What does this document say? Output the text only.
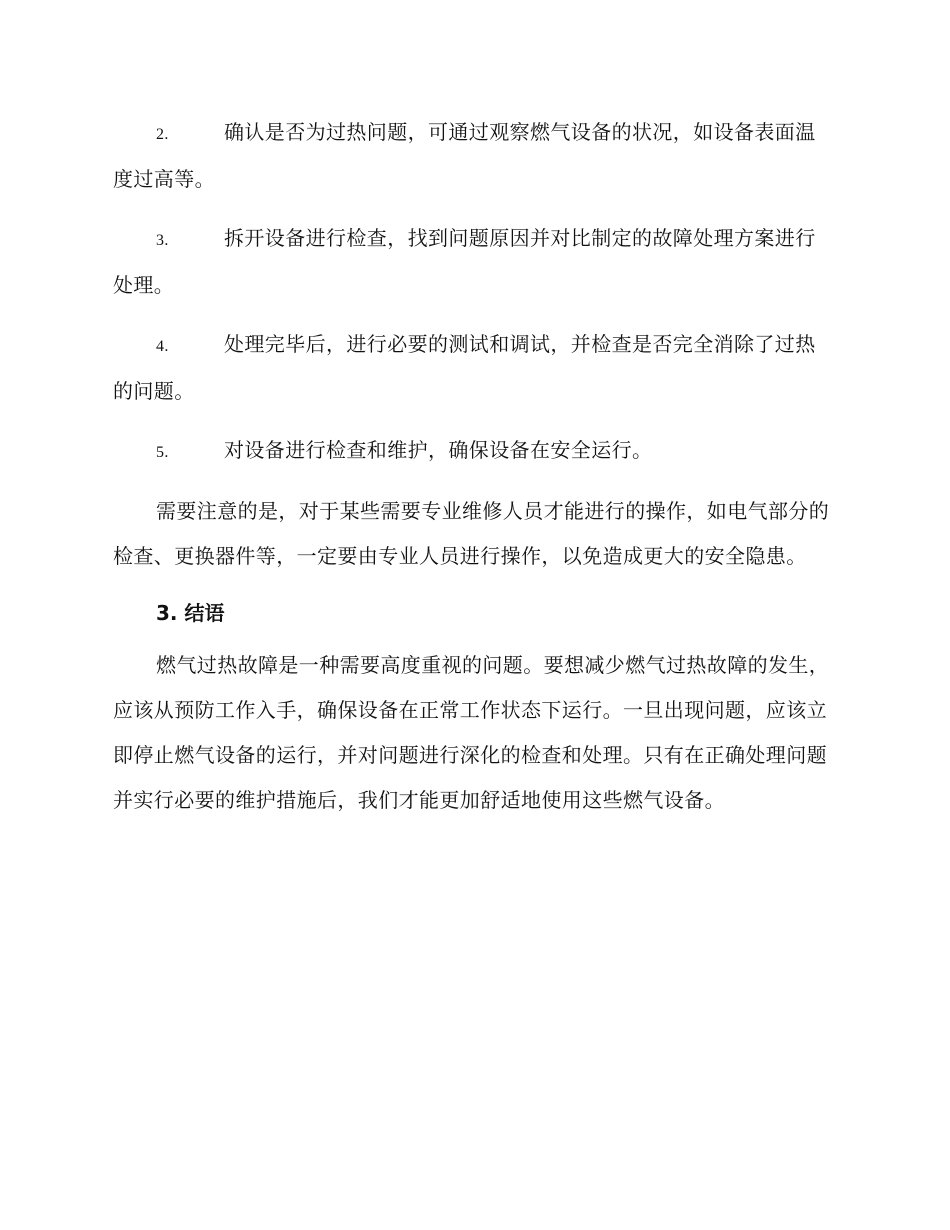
2.	确认是否为过热问题，可通过观察燃气设备的状况，如设备表面温度过高等。
3.	拆开设备进行检查，找到问题原因并对比制定的故障处理方案进行处理。
4.	处理完毕后，进行必要的测试和调试，并检查是否完全消除了过热的问题。
5.	对设备进行检查和维护，确保设备在安全运行。

需要注意的是，对于某些需要专业维修人员才能进行的操作，如电气部分的检查、更换器件等，一定要由专业人员进行操作，以免造成更大的安全隐患。

3. 结语

燃气过热故障是一种需要高度重视的问题。要想减少燃气过热故障的发生，应该从预防工作入手，确保设备在正常工作状态下运行。一旦出现问题，应该立即停止燃气设备的运行，并对问题进行深化的检查和处理。只有在正确处理问题并实行必要的维护措施后，我们才能更加舒适地使用这些燃气设备。
